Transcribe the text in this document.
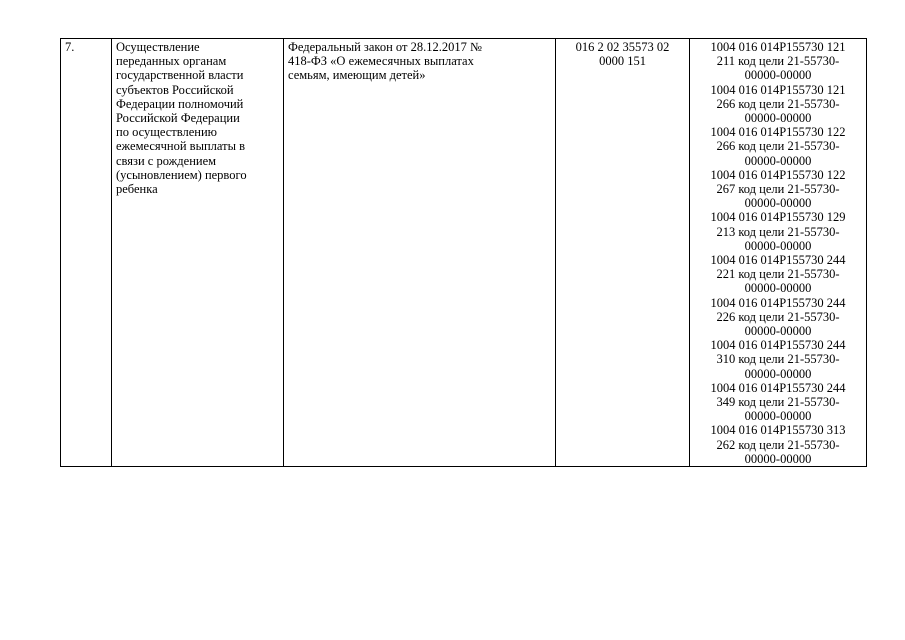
7.	Осуществление
переданных органам
государственной власти
субъектов Российской
Федерации полномочий
Российской Федерации
по осуществлению
ежемесячной выплаты в
связи с рождением
(усыновлением) первого
ребенка

Федеральный закон от 28.12.2017 №
418-ФЗ «О ежемесячных выплатах
семьям, имеющим детей»

016 2 02 35573 02
0000 151

1004 016 014P155730 121
211 код цели 21-55730-
00000-00000
1004 016 014P155730 121
266 код цели 21-55730-
00000-00000
1004 016 014P155730 122
266 код цели 21-55730-
00000-00000
1004 016 014P155730 122
267 код цели 21-55730-
00000-00000
1004 016 014P155730 129
213 код цели 21-55730-
00000-00000
1004 016 014P155730 244
221 код цели 21-55730-
00000-00000
1004 016 014P155730 244
226 код цели 21-55730-
00000-00000
1004 016 014P155730 244
310 код цели 21-55730-
00000-00000
1004 016 014P155730 244
349 код цели 21-55730-
00000-00000
1004 016 014P155730 313
262 код цели 21-55730-
00000-00000
